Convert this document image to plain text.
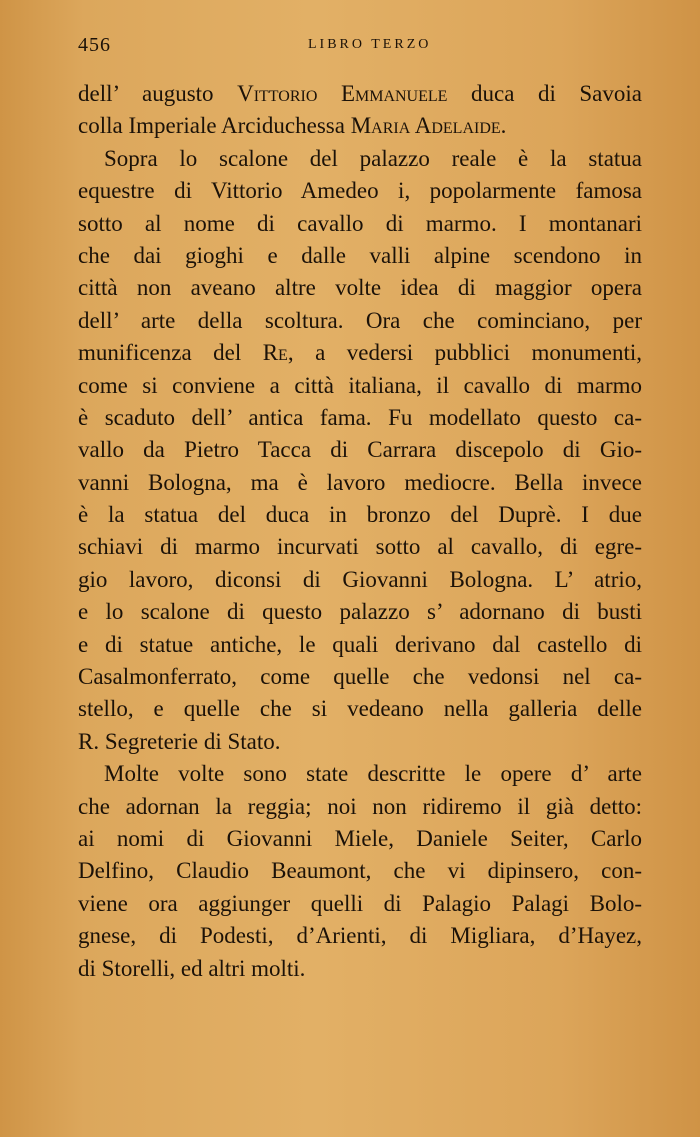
456	LIBRO TERZO
dell’ augusto Vittorio Emmanuele duca di Savoia
colla Imperiale Arciduchessa Maria Adelaide.
Sopra lo scalone del palazzo reale è la statua
equestre di Vittorio Amedeo i, popolarmente famosa
sotto al nome di cavallo di marmo. I montanari
che dai gioghi e dalle valli alpine scendono in
città non aveano altre volte idea di maggior opera
dell’ arte della scoltura. Ora che cominciano, per
munificenza del Re, a vedersi pubblici monumenti,
come si conviene a città italiana, il cavallo di marmo
è scaduto dell’ antica fama. Fu modellato questo ca-
vallo da Pietro Tacca di Carrara discepolo di Gio-
vanni Bologna, ma è lavoro mediocre. Bella invece
è la statua del duca in bronzo del Duprè. I due
schiavi di marmo incurvati sotto al cavallo, di egre-
gio lavoro, diconsi di Giovanni Bologna. L’ atrio,
e lo scalone di questo palazzo s’ adornano di busti
e di statue antiche, le quali derivano dal castello di
Casalmonferrato, come quelle che vedonsi nel ca-
stello, e quelle che si vedeano nella galleria delle
R. Segreterie di Stato.
Molte volte sono state descritte le opere d’ arte
che adornan la reggia; noi non ridiremo il già detto:
ai nomi di Giovanni Miele, Daniele Seiter, Carlo
Delfino, Claudio Beaumont, che vi dipinsero, con-
viene ora aggiunger quelli di Palagio Palagi Bolo-
gnese, di Podesti, d’Arienti, di Migliara, d’Hayez,
di Storelli, ed altri molti.
